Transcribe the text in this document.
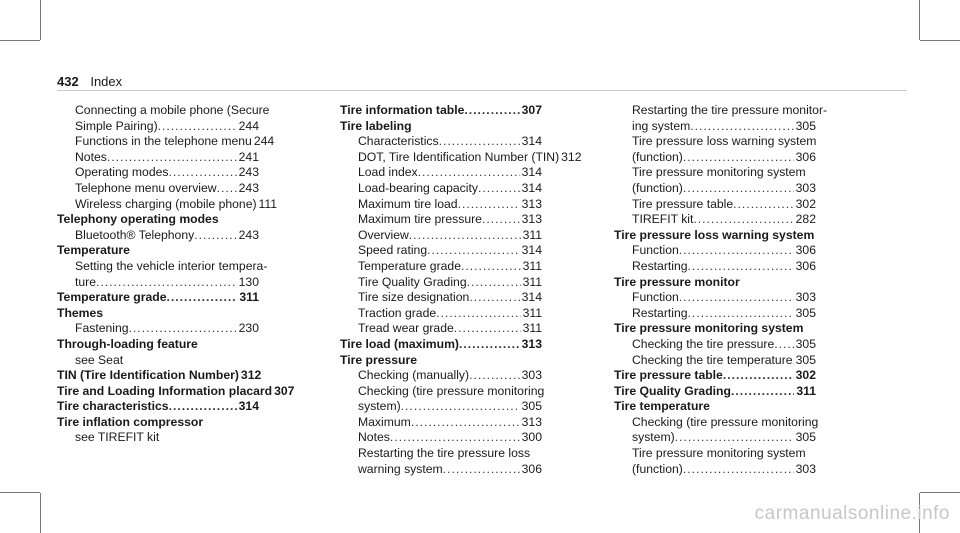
432 Index
Connecting a mobile phone (Secure
Simple Pairing) .....	244
Functions in the telephone menu 244
Notes .....	241
Operating modes .....	243
Telephone menu overview ..... 243
Wireless charging (mobile phone) 111
Telephony operating modes
Bluetooth® Telephony .....	243
Temperature
Setting the vehicle interior tempera-
ture .....	130
Temperature grade .....	311
Themes
Fastening .....	230
Through-loading feature
see Seat
TIN (Tire Identification Number) 312
Tire and Loading Information placard 307
Tire characteristics .....	314
Tire inflation compressor
see TIREFIT kit
Tire information table .....	307
Tire labeling
Characteristics .....	314
DOT, Tire Identification Number (TIN) 312
Load index .....	314
Load-bearing capacity .....	314
Maximum tire load .....	313
Maximum tire pressure .....	313
Overview .....	311
Speed rating .....	314
Temperature grade .....	311
Tire Quality Grading .....	311
Tire size designation .....	314
Traction grade .....	311
Tread wear grade .....	311
Tire load (maximum) .....	313
Tire pressure
Checking (manually) .....	303
Checking (tire pressure monitoring
system) .....	305
Maximum .....	313
Notes .....	300
Restarting the tire pressure loss
warning system .....	306
Restarting the tire pressure monitor-
ing system .....	305
Tire pressure loss warning system
(function) .....	306
Tire pressure monitoring system
(function) .....	303
Tire pressure table .....	302
TIREFIT kit .....	282
Tire pressure loss warning system
Function .....	306
Restarting .....	306
Tire pressure monitor
Function .....	303
Restarting .....	305
Tire pressure monitoring system
Checking the tire pressure ..... 305
Checking the tire temperature ..... 305
Tire pressure table .....	302
Tire Quality Grading .....	311
Tire temperature
Checking (tire pressure monitoring
system) .....	305
Tire pressure monitoring system
(function) .....	303
carmanualsonline.info
